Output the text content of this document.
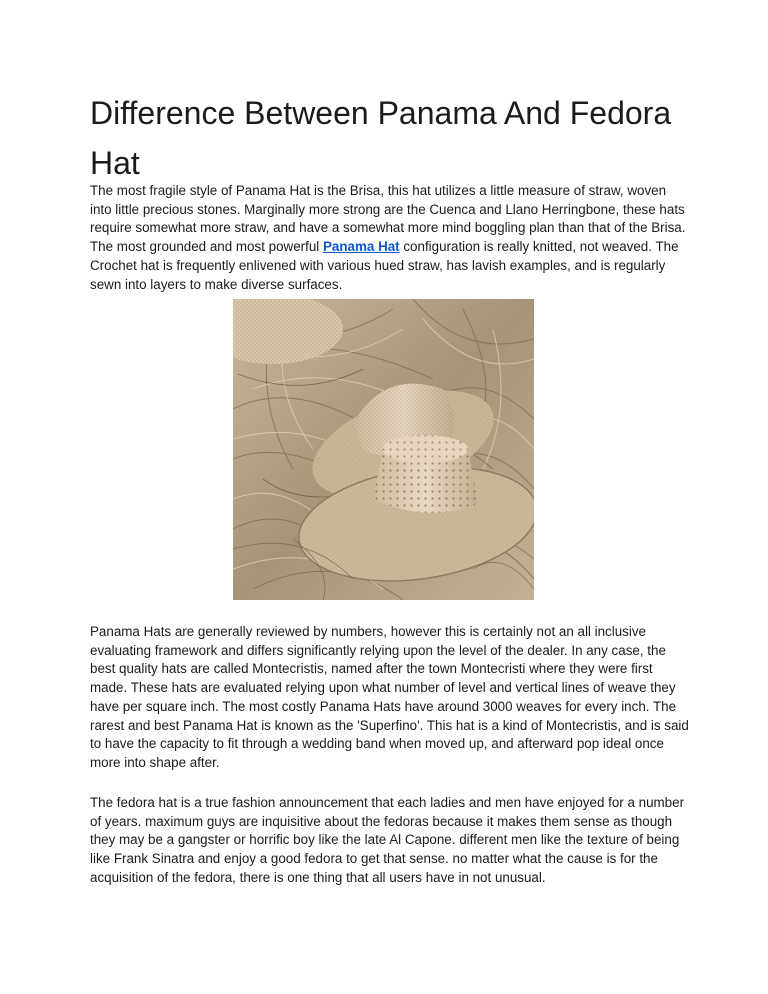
Difference Between Panama And Fedora Hat

The most fragile style of Panama Hat is the Brisa, this hat utilizes a little measure of straw, woven into little precious stones. Marginally more strong are the Cuenca and Llano Herringbone, these hats require somewhat more straw, and have a somewhat more mind boggling plan than that of the Brisa. The most grounded and most powerful Panama Hat configuration is really knitted, not weaved. The Crochet hat is frequently enlivened with various hued straw, has lavish examples, and is regularly sewn into layers to make diverse surfaces.

Panama Hats are generally reviewed by numbers, however this is certainly not an all inclusive evaluating framework and differs significantly relying upon the level of the dealer. In any case, the best quality hats are called Montecristis, named after the town Montecristi where they were first made. These hats are evaluated relying upon what number of level and vertical lines of weave they have per square inch. The most costly Panama Hats have around 3000 weaves for every inch. The rarest and best Panama Hat is known as the 'Superfino'. This hat is a kind of Montecristis, and is said to have the capacity to fit through a wedding band when moved up, and afterward pop ideal once more into shape after.

The fedora hat is a true fashion announcement that each ladies and men have enjoyed for a number of years. maximum guys are inquisitive about the fedoras because it makes them sense as though they may be a gangster or horrific boy like the late Al Capone. different men like the texture of being like Frank Sinatra and enjoy a good fedora to get that sense. no matter what the cause is for the acquisition of the fedora, there is one thing that all users have in not unusual.
